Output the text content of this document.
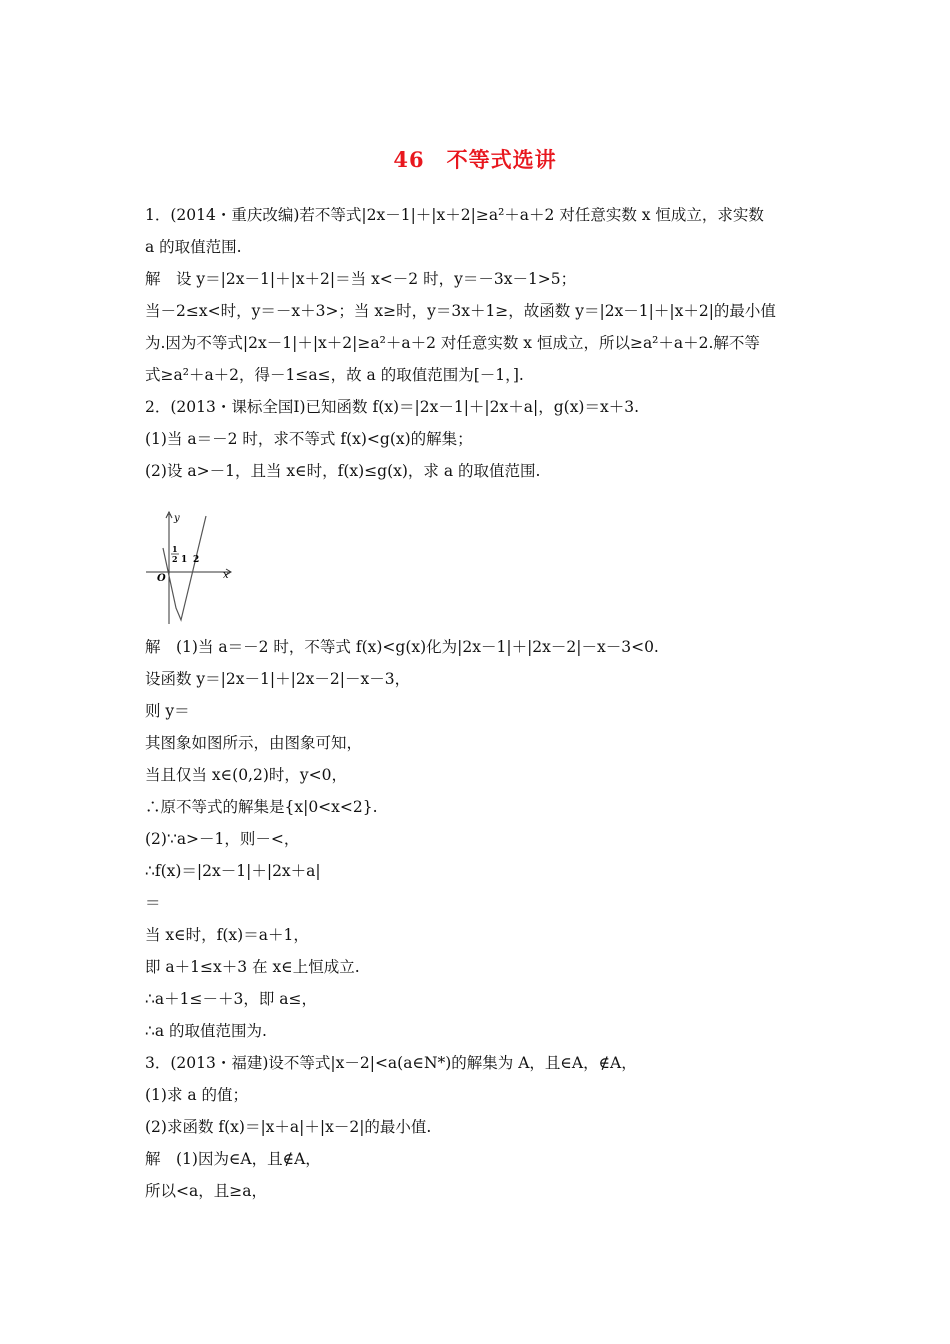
46　不等式选讲
1．(2014・重庆改编)若不等式|2x－1|＋|x＋2|≥a²＋a＋2 对任意实数 x 恒成立，求实数
a 的取值范围.
解　设 y＝|2x－1|＋|x＋2|＝当 x<－2 时，y＝－3x－1>5；
当－2≤x<时，y＝－x＋3>；当 x≥时，y＝3x＋1≥，故函数 y＝|2x－1|＋|x＋2|的最小值
为.因为不等式|2x－1|＋|x＋2|≥a²＋a＋2 对任意实数 x 恒成立，所以≥a²＋a＋2.解不等
式≥a²＋a＋2，得－1≤a≤，故 a 的取值范围为[－1，].
2．(2013・课标全国Ⅰ)已知函数 f(x)＝|2x－1|＋|2x＋a|，g(x)＝x＋3.
(1)当 a＝－2 时，求不等式 f(x)<g(x)的解集；
(2)设 a>－1，且当 x∈时，f(x)≤g(x)，求 a 的取值范围.
y
x
O
1
2 1 2
解　(1)当 a＝－2 时，不等式 f(x)<g(x)化为|2x－1|＋|2x－2|－x－3<0.
设函数 y＝|2x－1|＋|2x－2|－x－3，
则 y＝
其图象如图所示，由图象可知，
当且仅当 x∈(0,2)时，y<0，
∴原不等式的解集是{x|0<x<2}.
(2)∵a>－1，则－<，
∴f(x)＝|2x－1|＋|2x＋a|
＝
当 x∈时，f(x)＝a＋1，
即 a＋1≤x＋3 在 x∈上恒成立.
∴a＋1≤－＋3，即 a≤，
∴a 的取值范围为.
3．(2013・福建)设不等式|x－2|<a(a∈N*)的解集为 A，且∈A，∉A，
(1)求 a 的值；
(2)求函数 f(x)＝|x＋a|＋|x－2|的最小值.
解　(1)因为∈A，且∉A，
所以<a，且≥a，
